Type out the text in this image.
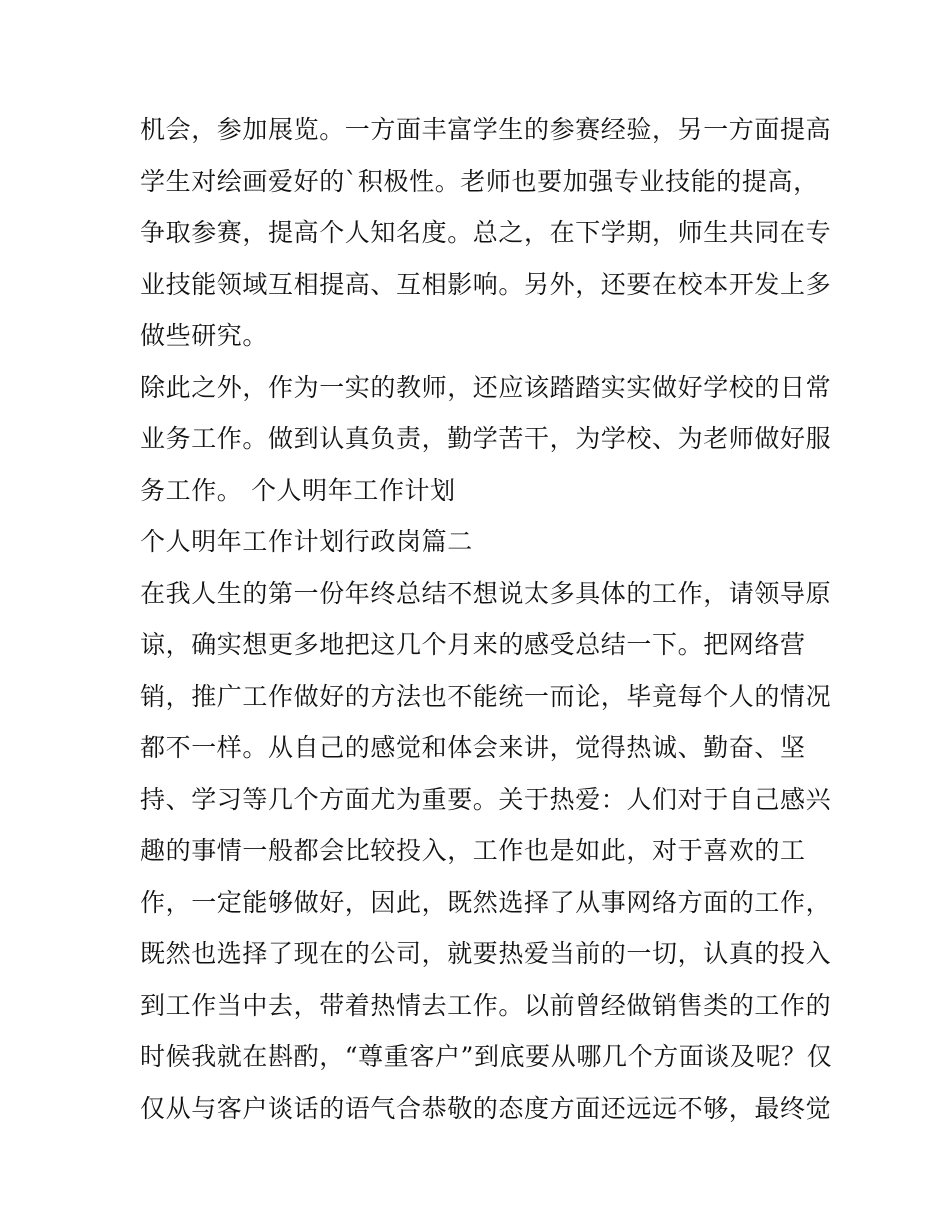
机会，参加展览。一方面丰富学生的参赛经验，另一方面提高
学生对绘画爱好的`积极性。老师也要加强专业技能的提高，
争取参赛，提高个人知名度。总之，在下学期，师生共同在专
业技能领域互相提高、互相影响。另外，还要在校本开发上多
做些研究。
除此之外，作为一实的教师，还应该踏踏实实做好学校的日常
业务工作。做到认真负责，勤学苦干，为学校、为老师做好服
务工作。 个人明年工作计划
个人明年工作计划行政岗篇二
在我人生的第一份年终总结不想说太多具体的工作，请领导原
谅，确实想更多地把这几个月来的感受总结一下。把网络营
销，推广工作做好的方法也不能统一而论，毕竟每个人的情况
都不一样。从自己的感觉和体会来讲，觉得热诚、勤奋、坚
持、学习等几个方面尤为重要。关于热爱：人们对于自己感兴
趣的事情一般都会比较投入，工作也是如此，对于喜欢的工
作，一定能够做好，因此，既然选择了从事网络方面的工作，
既然也选择了现在的公司，就要热爱当前的一切，认真的投入
到工作当中去，带着热情去工作。以前曾经做销售类的工作的
时候我就在斟酌，“尊重客户”到底要从哪几个方面谈及呢？仅
仅从与客户谈话的语气合恭敬的态度方面还远远不够，最终觉
